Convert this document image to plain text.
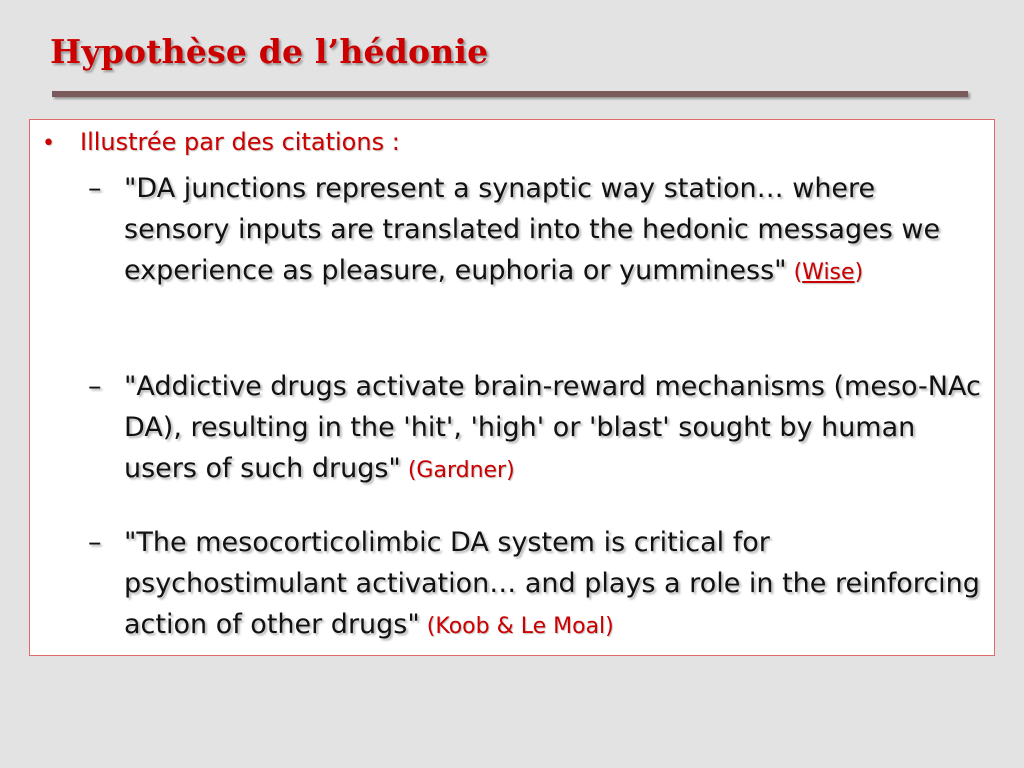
Hypothèse de l’hédonie
•	Illustrée par des citations :
– "DA junctions represent a synaptic way station… where sensory inputs are translated into the hedonic messages we experience as pleasure, euphoria or yumminess" (Wise)
– "Addictive drugs activate brain-reward mechanisms (meso-NAc DA), resulting in the 'hit', 'high' or 'blast' sought by human users of such drugs" (Gardner)
– "The mesocorticolimbic DA system is critical for psychostimulant activation… and plays a role in the reinforcing action of other drugs" (Koob & Le Moal)
